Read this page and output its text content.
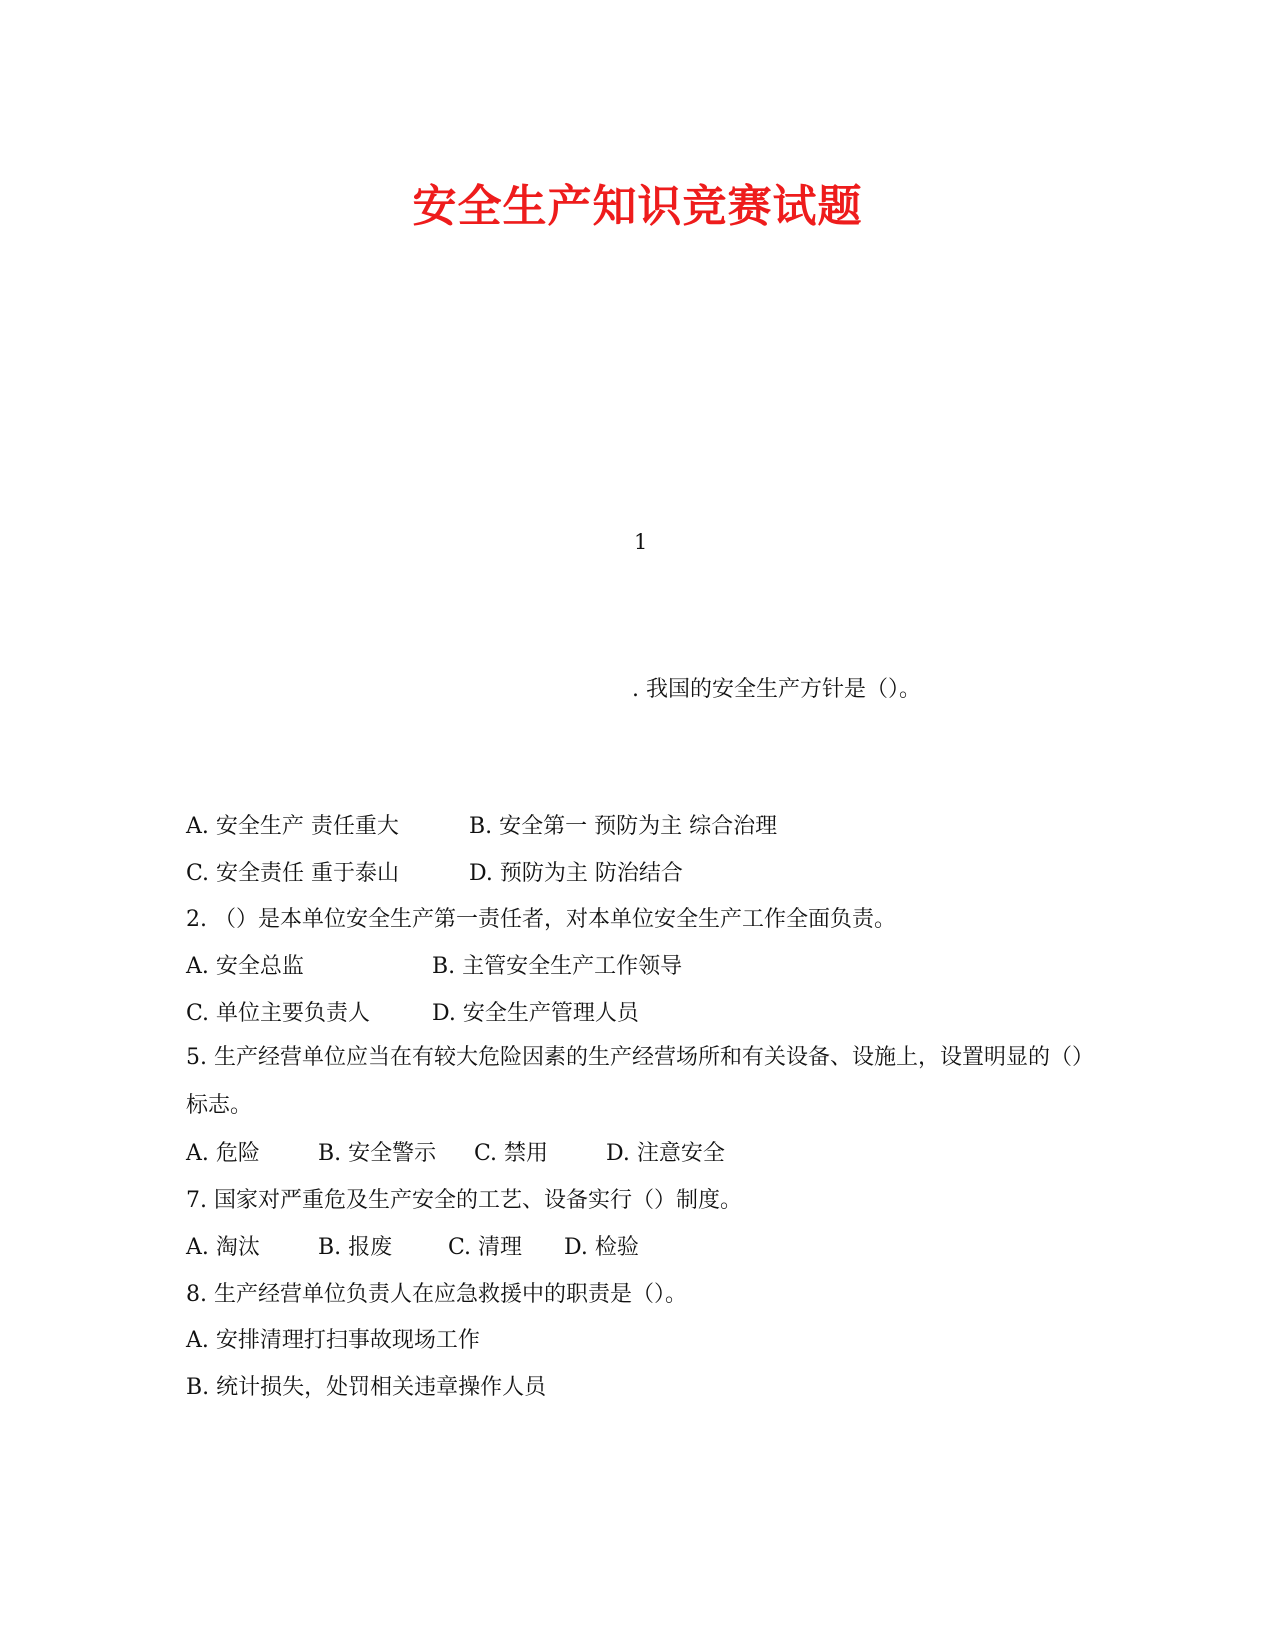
安全生产知识竞赛试题
1
. 我国的安全生产方针是（）。
A. 安全生产 责任重大	B. 安全第一 预防为主 综合治理
C. 安全责任 重于泰山	D. 预防为主 防治结合
2. （）是本单位安全生产第一责任者，对本单位安全生产工作全面负责。
A. 安全总监	B. 主管安全生产工作领导
C. 单位主要负责人	D. 安全生产管理人员
5. 生产经营单位应当在有较大危险因素的生产经营场所和有关设备、设施上，设置明显的（）标志。
A. 危险	B. 安全警示 C. 禁用	D. 注意安全
7. 国家对严重危及生产安全的工艺、设备实行（）制度。
A. 淘汰	B. 报废	C. 清理 D. 检验
8. 生产经营单位负责人在应急救援中的职责是（）。
A. 安排清理打扫事故现场工作
B. 统计损失，处罚相关违章操作人员
